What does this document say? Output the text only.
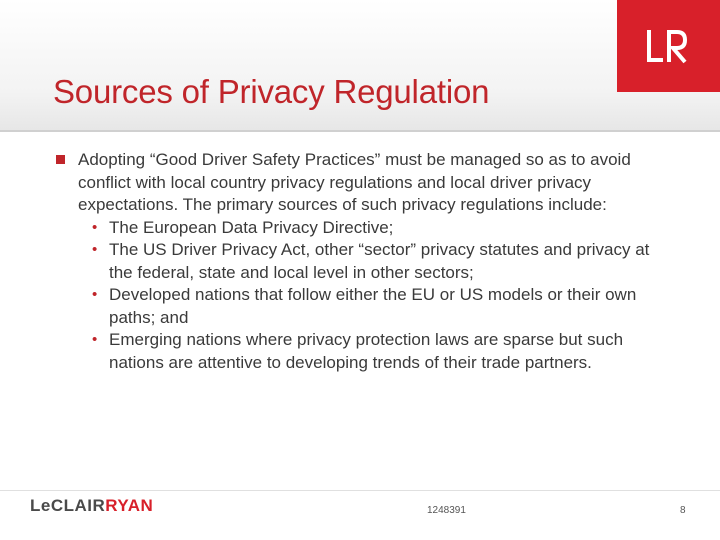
Sources of Privacy Regulation
Adopting “Good Driver Safety Practices” must be managed so as to avoid conflict with local country privacy regulations and local driver privacy expectations. The primary sources of such privacy regulations include:
• The European Data Privacy Directive;
• The US Driver Privacy Act, other “sector” privacy statutes and privacy at the federal, state and local level in other sectors;
• Developed nations that follow either the EU or US models or their own paths; and
• Emerging nations where privacy protection laws are sparse but such nations are attentive to developing trends of their trade partners.
LeCLAIRRYAN	1248391	8
